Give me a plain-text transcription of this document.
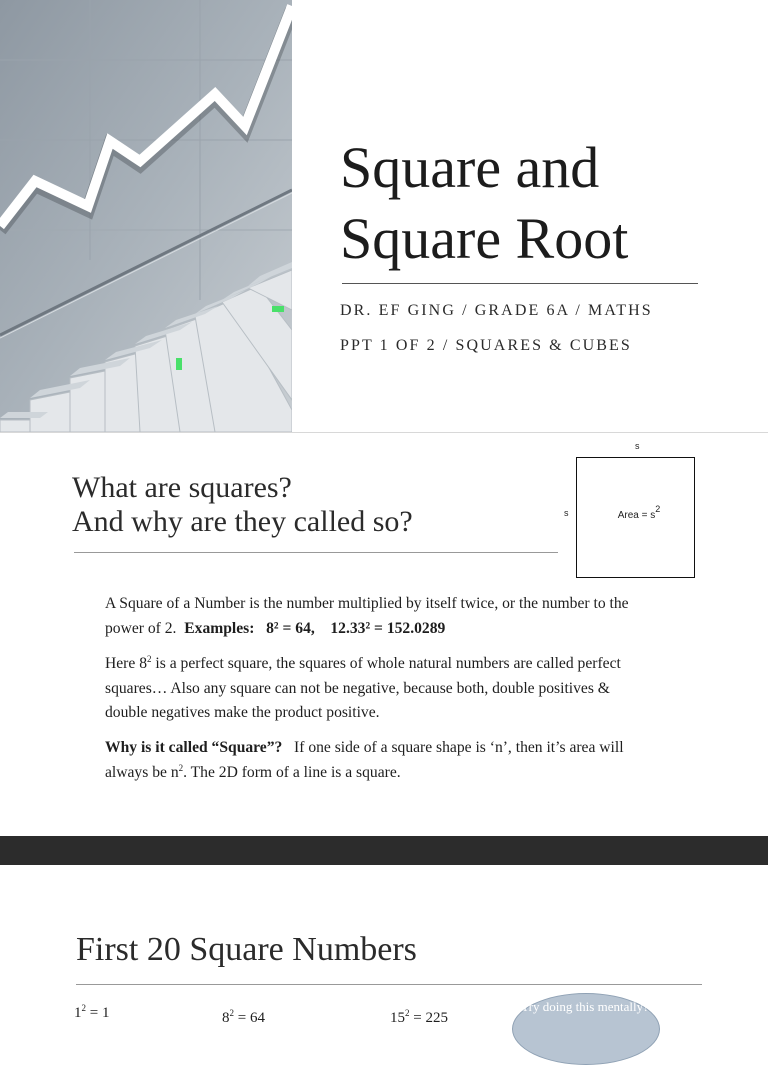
Square and
Square Root
DR. EF GING / GRADE 6A / MATHS
PPT 1 OF 2 / SQUARES & CUBES
What are squares?
And why are they called so?
s
s	Area = $s^2$
A Square of a Number is the number multiplied by itself twice, or the number to the power of 2. Examples: 8² = 64, 12.33² = 152.0289
Here $8^2$ is a perfect square, the squares of whole natural numbers are called perfect squares… Also any square can not be negative, because both, double positives & double negatives make the product positive.
Why is it called “Square”? If one side of a square shape is ‘n’, then it’s area will always be $n^2$. The 2D form of a line is a square.
First 20 Square Numbers
$1^2 = 1$	$8^2 = 64$	$15^2 = 225$
Try doing this mentally?
